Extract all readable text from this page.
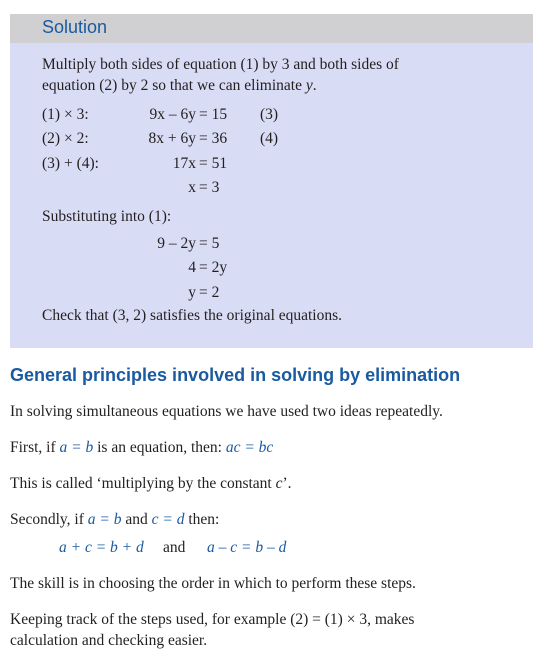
Solution
Multiply both sides of equation (1) by 3 and both sides of
equation (2) by 2 so that we can eliminate y.
(1) × 3:	9x – 6y = 15 (3)
(2) × 2:	8x + 6y = 36 (4)
(3) + (4):	17x = 51
x = 3
Substituting into (1):
9 – 2y = 5
4 = 2y
y = 2
Check that (3, 2) satisfies the original equations.
General principles involved in solving by elimination
In solving simultaneous equations we have used two ideas repeatedly.
First, if a = b is an equation, then: ac = bc
This is called ‘multiplying by the constant c’.
Secondly, if a = b and c = d then:
a + c = b + d and a – c = b – d
The skill is in choosing the order in which to perform these steps.
Keeping track of the steps used, for example (2) = (1) × 3, makes
calculation and checking easier.
